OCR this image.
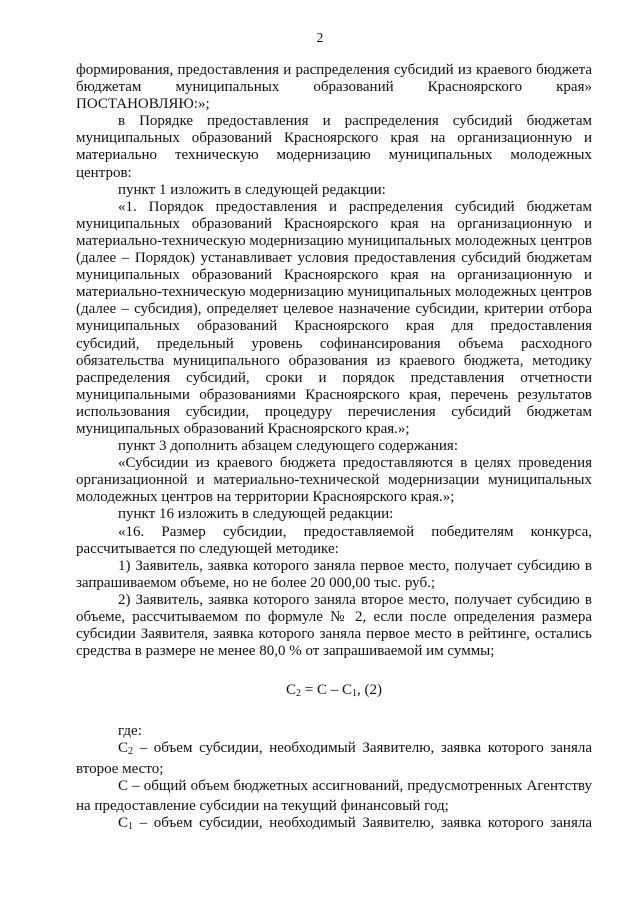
2

формирования, предоставления и распределения субсидий из краевого бюджета бюджетам муниципальных образований Красноярского края» ПОСТАНОВЛЯЮ:»;

в Порядке предоставления и распределения субсидий бюджетам муниципальных образований Красноярского края на организационную и материально техническую модернизацию муниципальных молодежных центров:

пункт 1 изложить в следующей редакции:

«1. Порядок предоставления и распределения субсидий бюджетам муниципальных образований Красноярского края на организационную и материально-техническую модернизацию муниципальных молодежных центров (далее – Порядок) устанавливает условия предоставления субсидий бюджетам муниципальных образований Красноярского края на организационную и материально-техническую модернизацию муниципальных молодежных центров (далее – субсидия), определяет целевое назначение субсидии, критерии отбора муниципальных образований Красноярского края для предоставления субсидий, предельный уровень софинансирования объема расходного обязательства муниципального образования из краевого бюджета, методику распределения субсидий, сроки и порядок представления отчетности муниципальными образованиями Красноярского края, перечень результатов использования субсидии, процедуру перечисления субсидий бюджетам муниципальных образований Красноярского края.»;

пункт 3 дополнить абзацем следующего содержания:

«Субсидии из краевого бюджета предоставляются в целях проведения организационной и материально-технической модернизации муниципальных молодежных центров на территории Красноярского края.»;

пункт 16 изложить в следующей редакции:

«16. Размер субсидии, предоставляемой победителям конкурса, рассчитывается по следующей методике:

1) Заявитель, заявка которого заняла первое место, получает субсидию в запрашиваемом объеме, но не более 20 000,00 тыс. руб.;

2) Заявитель, заявка которого заняла второе место, получает субсидию в объеме, рассчитываемом по формуле № 2, если после определения размера субсидии Заявителя, заявка которого заняла первое место в рейтинге, остались средства в размере не менее 80,0 % от запрашиваемой им суммы;

$C_2 = C - C_1$, (2)

где:

$C_2$ – объем субсидии, необходимый Заявителю, заявка которого заняла второе место;

C – общий объем бюджетных ассигнований, предусмотренных Агентству на предоставление субсидии на текущий финансовый год;

$C_1$ – объем субсидии, необходимый Заявителю, заявка которого заняла
